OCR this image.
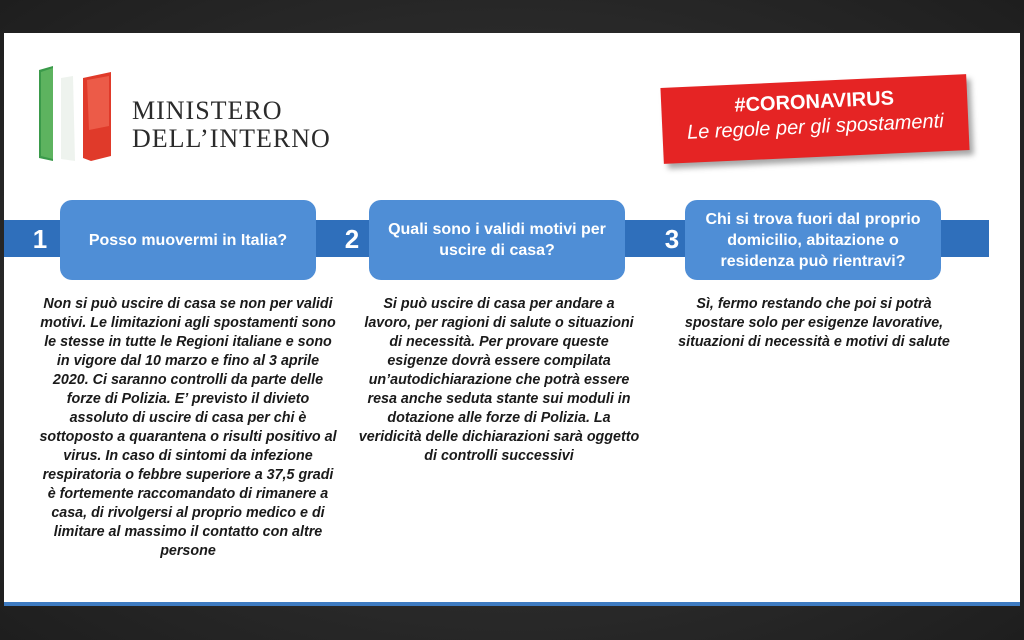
MINISTERO
DELL’INTERNO
#CORONAVIRUS
Le regole per gli spostamenti
1	Posso muovermi in Italia?
Non si può uscire di casa se non per validi motivi. Le limitazioni agli spostamenti sono le stesse in tutte le Regioni italiane e sono in vigore dal 10 marzo e fino al 3 aprile 2020. Ci saranno controlli da parte delle forze di Polizia. E’ previsto il divieto assoluto di uscire di casa per chi è sottoposto a quarantena o risulti positivo al virus. In caso di sintomi da infezione respiratoria o febbre superiore a 37,5 gradi è fortemente raccomandato di rimanere a casa, di rivolgersi al proprio medico e di limitare al massimo il contatto con altre persone
2	Quali sono i validi motivi per uscire di casa?
Si può uscire di casa per andare a lavoro, per ragioni di salute o situazioni di necessità. Per provare queste esigenze dovrà essere compilata un’autodichiarazione che potrà essere resa anche seduta stante sui moduli in dotazione alle forze di Polizia. La veridicità delle dichiarazioni sarà oggetto di controlli successivi
3
Chi si trova fuori dal proprio domicilio, abitazione o residenza può rientravi?
Sì, fermo restando che poi si potrà spostare solo per esigenze lavorative, situazioni di necessità e motivi di salute
